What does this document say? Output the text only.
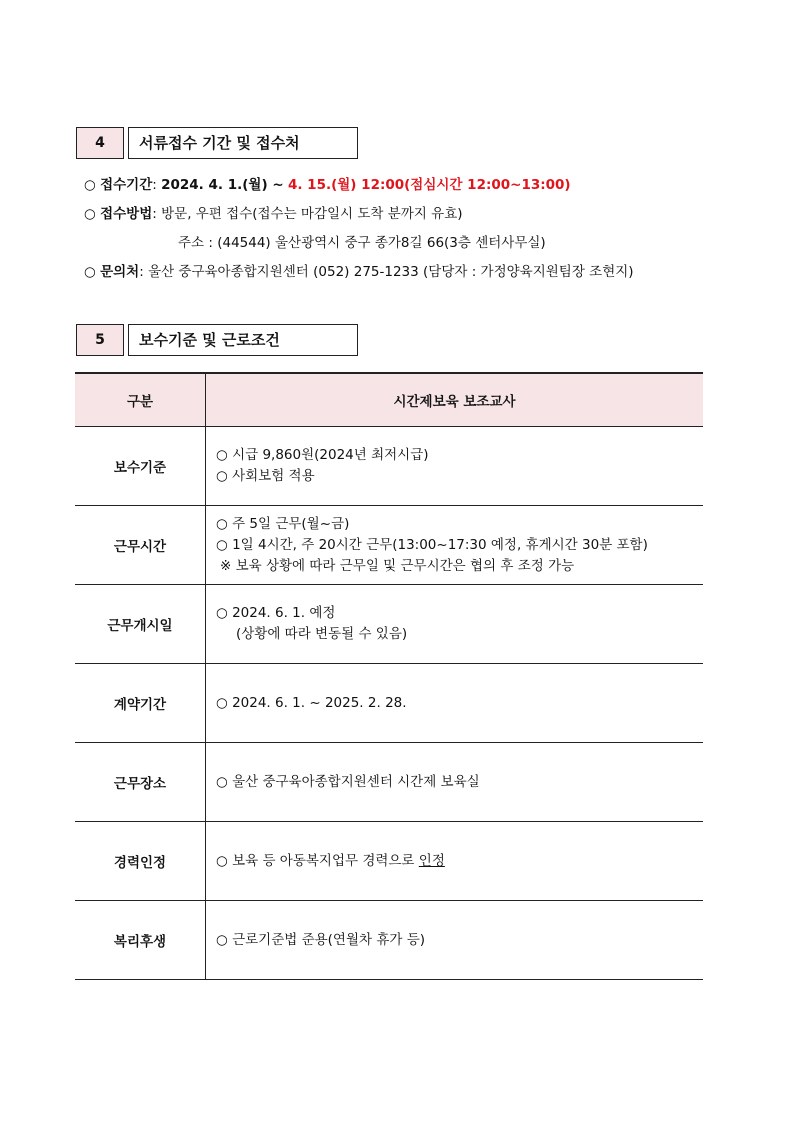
4	서류접수 기간 및 접수처
○ 접수기간: 2024. 4. 1.(월) ~ 4. 15.(월) 12:00(점심시간 12:00~13:00)
○ 접수방법: 방문, 우편 접수(접수는 마감일시 도착 분까지 유효)
주소 : (44544) 울산광역시 중구 종가8길 66(3층 센터사무실)
○ 문의처: 울산 중구육아종합지원센터 (052) 275-1233 (담당자 : 가정양육지원팀장 조현지)
5	보수기준 및 근로조건
구분	시간제보육 보조교사
보수기준	○ 시급 9,860원(2024년 최저시급)
○ 사회보험 적용

근무시간	○ 주 5일 근무(월~금)
○ 1일 4시간, 주 20시간 근무(13:00~17:30 예정, 휴게시간 30분 포함)
※ 보육 상황에 따라 근무일 및 근무시간은 협의 후 조정 가능

근무개시일	○ 2024. 6. 1. 예정
(상황에 따라 변동될 수 있음)

계약기간	○ 2024. 6. 1. ~ 2025. 2. 28.

근무장소	○ 울산 중구육아종합지원센터 시간제 보육실

경력인정	○ 보육 등 아동복지업무 경력으로 인정

복리후생	○ 근로기준법 준용(연월차 휴가 등)
